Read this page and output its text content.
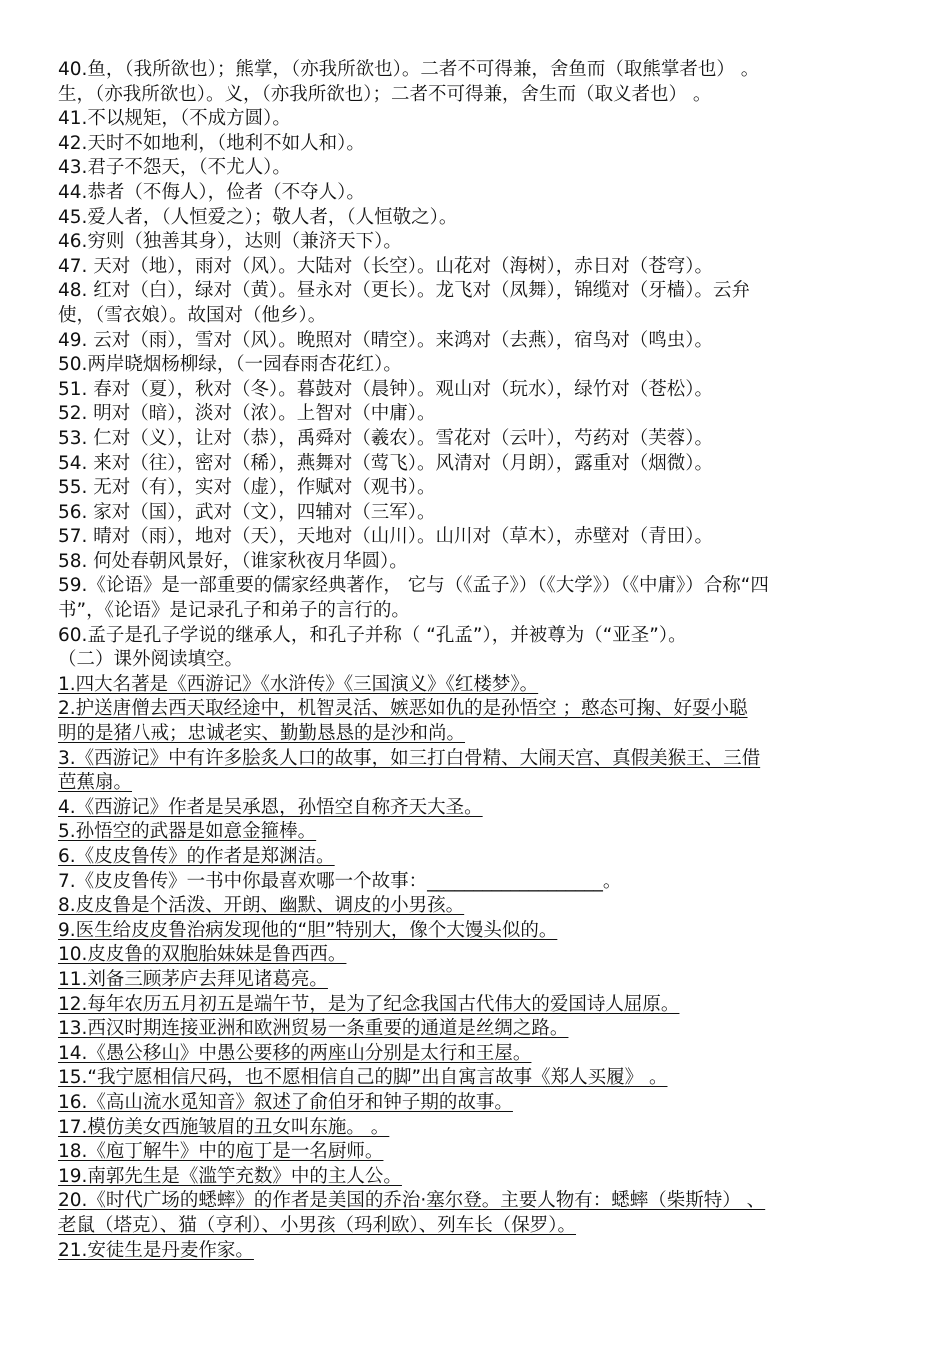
40.鱼，（我所欲也）；熊掌，（亦我所欲也）。二者不可得兼，舍鱼而（取熊掌者也） 。
生，（亦我所欲也）。义，（亦我所欲也）；二者不可得兼，舍生而（取义者也） 。
41.不以规矩，（不成方圆）。
42.天时不如地利，（地利不如人和）。
43.君子不怨天，（不尤人）。
44.恭者（不侮人），俭者（不夺人）。
45.爱人者，（人恒爱之）；敬人者，（人恒敬之）。
46.穷则（独善其身），达则（兼济天下）。
47. 天对（地），雨对（风）。大陆对（长空）。山花对（海树），赤日对（苍穹）。
48. 红对（白），绿对（黄）。昼永对（更长）。龙飞对（凤舞），锦缆对（牙樯）。云弁
使，（雪衣娘）。故国对（他乡）。
49. 云对（雨），雪对（风）。晚照对（晴空）。来鸿对（去燕），宿鸟对（鸣虫）。
50.两岸晓烟杨柳绿，（一园春雨杏花红）。
51. 春对（夏），秋对（冬）。暮鼓对（晨钟）。观山对（玩水），绿竹对（苍松）。
52. 明对（暗），淡对（浓）。上智对（中庸）。
53. 仁对（义），让对（恭），禹舜对（羲农）。雪花对（云叶），芍药对（芙蓉）。
54. 来对（往），密对（稀），燕舞对（莺飞）。风清对（月朗），露重对（烟微）。
55. 无对（有），实对（虚），作赋对（观书）。
56. 家对（国），武对（文），四辅对（三军）。
57. 晴对（雨），地对（天），天地对（山川）。山川对（草木），赤壁对（青田）。
58. 何处春朝风景好，（谁家秋夜月华圆）。
59.《论语》是一部重要的儒家经典著作， 它与（《孟子》）（《大学》）（《中庸》）合称“四
书”，《论语》是记录孔子和弟子的言行的。
60.孟子是孔子学说的继承人，和孔子并称（ “孔孟”），并被尊为（“亚圣”）。
（二）课外阅读填空。
1.四大名著是《西游记》《水浒传》《三国演义》《红楼梦》。
2.护送唐僧去西天取经途中，机智灵活、嫉恶如仇的是孙悟空 ；憨态可掬、好耍小聪
明的是猪八戒；忠诚老实、勤勤恳恳的是沙和尚。
3.《西游记》中有许多脍炙人口的故事，如三打白骨精、大闹天宫、真假美猴王、三借
芭蕉扇。
4.《西游记》作者是吴承恩，孙悟空自称齐天大圣。
5.孙悟空的武器是如意金箍棒。
6.《皮皮鲁传》的作者是郑渊洁。
7.《皮皮鲁传》一书中你最喜欢哪一个故事：___________________。
8.皮皮鲁是个活泼、开朗、幽默、调皮的小男孩。
9.医生给皮皮鲁治病发现他的“胆”特别大，像个大馒头似的。
10.皮皮鲁的双胞胎妹妹是鲁西西。
11.刘备三顾茅庐去拜见诸葛亮。
12.每年农历五月初五是端午节，是为了纪念我国古代伟大的爱国诗人屈原。
13.西汉时期连接亚洲和欧洲贸易一条重要的通道是丝绸之路。
14.《愚公移山》中愚公要移的两座山分别是太行和王屋。
15.“我宁愿相信尺码，也不愿相信自己的脚”出自寓言故事《郑人买履》 。
16.《高山流水觅知音》叙述了俞伯牙和钟子期的故事。
17.模仿美女西施皱眉的丑女叫东施。 。
18.《庖丁解牛》中的庖丁是一名厨师。
19.南郭先生是《滥竽充数》中的主人公。
20.《时代广场的蟋蟀》的作者是美国的乔治·塞尔登。主要人物有：蟋蟀（柴斯特） 、
老鼠（塔克）、猫（亨利）、小男孩（玛利欧）、列车长（保罗）。
21.安徒生是丹麦作家。
